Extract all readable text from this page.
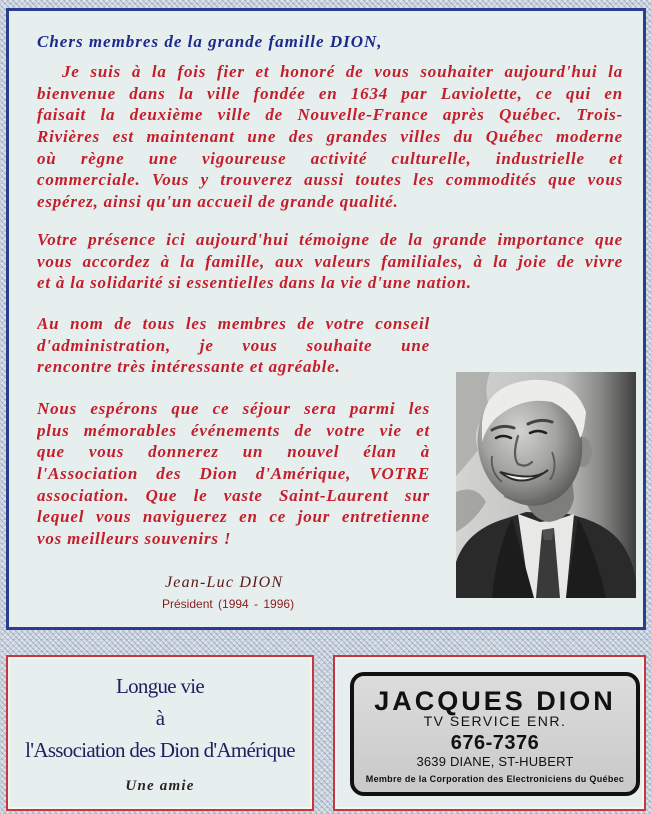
Chers membres de la grande famille DION,
Je suis à la fois fier et honoré de vous souhaiter aujourd'hui la
bienvenue dans la ville fondée en 1634 par Laviolette, ce qui en
faisait la deuxième ville de Nouvelle-France après Québec. Trois-
Rivières est maintenant une des grandes villes du Québec moderne
où règne une vigoureuse activité culturelle, industrielle et
commerciale. Vous y trouverez aussi toutes les commodités que vous
espérez, ainsi qu'un accueil de grande qualité.
Votre présence ici aujourd'hui témoigne de la grande importance que
vous accordez à la famille, aux valeurs familiales, à la joie de vivre
et à la solidarité si essentielles dans la vie d'une nation.
Au nom de tous les membres de votre conseil
d'administration, je vous souhaite une
rencontre très intéressante et agréable.
Nous espérons que ce séjour sera parmi les
plus mémorables événements de votre vie et
que vous donnerez un nouvel élan à
l'Association des Dion d'Amérique, VOTRE
association. Que le vaste Saint-Laurent sur
lequel vous naviguerez en ce jour entretienne
vos meilleurs souvenirs !
Jean-Luc DION
Président (1994 - 1996)
Longue vie
à
l'Association des Dion d'Amérique
Une amie
JACQUES DION
TV SERVICE ENR.
676-7376
3639 DIANE, ST-HUBERT
Membre de la Corporation des Electroniciens du Québec
